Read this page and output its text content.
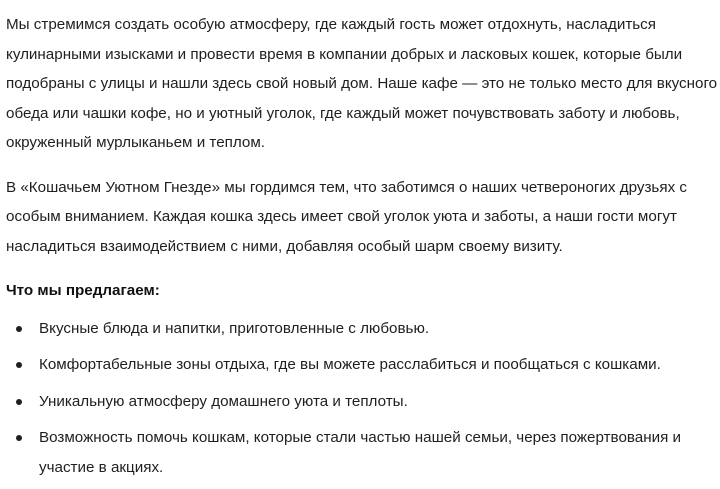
Мы стремимся создать особую атмосферу, где каждый гость может отдохнуть, насладиться кулинарными изысками и провести время в компании добрых и ласковых кошек, которые были подобраны с улицы и нашли здесь свой новый дом. Наше кафе — это не только место для вкусного обеда или чашки кофе, но и уютный уголок, где каждый может почувствовать заботу и любовь, окруженный мурлыканьем и теплом.

В «Кошачьем Уютном Гнезде» мы гордимся тем, что заботимся о наших четвероногих друзьях с особым вниманием. Каждая кошка здесь имеет свой уголок уюта и заботы, а наши гости могут насладиться взаимодействием с ними, добавляя особый шарм своему визиту.

Что мы предлагаем:
Вкусные блюда и напитки, приготовленные с любовью.
Комфортабельные зоны отдыха, где вы можете расслабиться и пообщаться с кошками.
Уникальную атмосферу домашнего уюта и теплоты.
Возможность помочь кошкам, которые стали частью нашей семьи, через пожертвования и участие в акциях.
